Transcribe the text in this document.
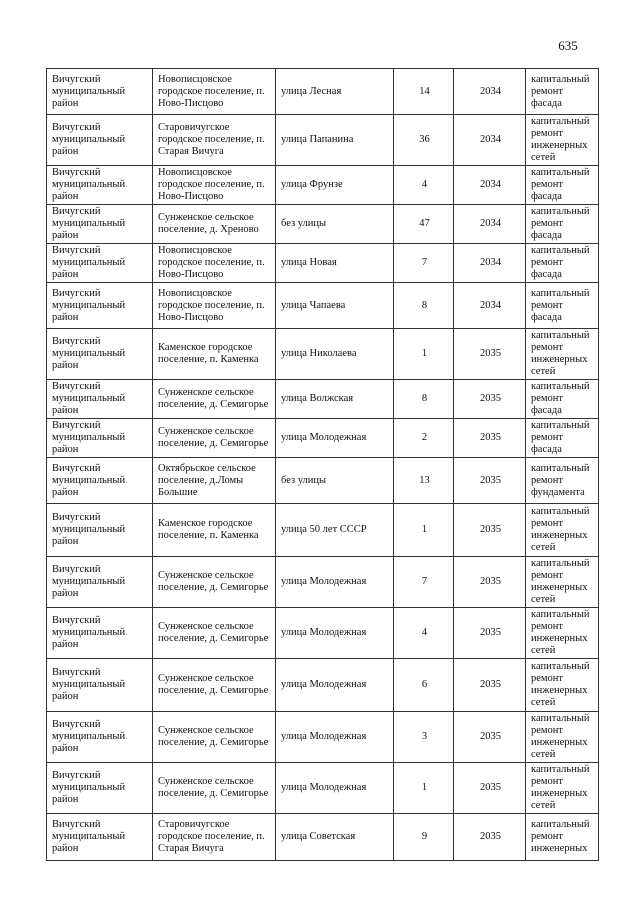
635
Вичугский муниципальный район	Новописцовское городское поселение, п. Ново-Писцово	улица Лесная	14	2034	капитальный ремонт фасада
Вичугский муниципальный район	Старовичугское городское поселение, п. Старая Вичуга	улица Папанина	36	2034	капитальный ремонт инженерных сетей
Вичугский муниципальный район	Новописцовское городское поселение, п. Ново-Писцово	улица Фрунзе	4	2034	капитальный ремонт фасада
Вичугский муниципальный район	Сунженское сельское поселение, д. Хреново	без улицы	47	2034	капитальный ремонт фасада
Вичугский муниципальный район	Новописцовское городское поселение, п. Ново-Писцово	улица Новая	7	2034	капитальный ремонт фасада
Вичугский муниципальный район	Новописцовское городское поселение, п. Ново-Писцово	улица Чапаева	8	2034	капитальный ремонт фасада
Вичугский муниципальный район	Каменское городское поселение, п. Каменка	улица Николаева	1	2035	капитальный ремонт инженерных сетей
Вичугский муниципальный район	Сунженское сельское поселение, д. Семигорье	улица Волжская	8	2035	капитальный ремонт фасада
Вичугский муниципальный район	Сунженское сельское поселение, д. Семигорье	улица Молодежная	2	2035	капитальный ремонт фасада
Вичугский муниципальный район	Октябрьское сельское поселение, д.Ломы Большие	без улицы	13	2035	капитальный ремонт фундамента
Вичугский муниципальный район	Каменское городское поселение, п. Каменка	улица 50 лет СССР	1	2035	капитальный ремонт инженерных сетей
Вичугский муниципальный район	Сунженское сельское поселение, д. Семигорье	улица Молодежная	7	2035	капитальный ремонт инженерных сетей
Вичугский муниципальный район	Сунженское сельское поселение, д. Семигорье	улица Молодежная	4	2035	капитальный ремонт инженерных сетей
Вичугский муниципальный район	Сунженское сельское поселение, д. Семигорье	улица Молодежная	6	2035	капитальный ремонт инженерных сетей
Вичугский муниципальный район	Сунженское сельское поселение, д. Семигорье	улица Молодежная	3	2035	капитальный ремонт инженерных сетей
Вичугский муниципальный район	Сунженское сельское поселение, д. Семигорье	улица Молодежная	1	2035	капитальный ремонт инженерных сетей
Вичугский муниципальный район	Старовичугское городское поселение, п. Старая Вичуга	улица Советская	9	2035	капитальный ремонт инженерных
